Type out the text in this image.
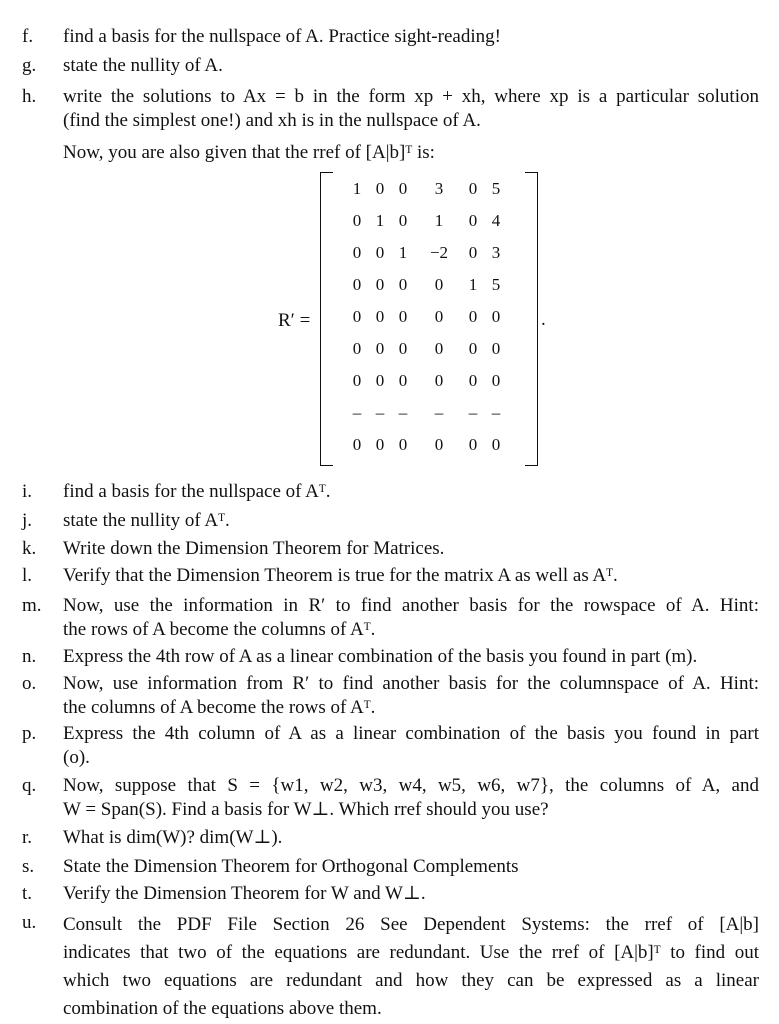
f. find a basis for the nullspace of A. Practice sight-reading!
g. state the nullity of A.
h. write the solutions to Ax = b in the form xp + xh, where xp is a particular solution
(find the simplest one!) and xh is in the nullspace of A.
Now, you are also given that the rref of [A|b]ᵀ is:
R′ =
1 0 0	3	0 5
0 1 0	1	0 4
0 0 1	−2	0 3
0 0 0	0	1 5
0 0 0	0	0 0
0 0 0	0	0 0
0 0 0	0	0 0
– – –	–	– –
0 0 0	0	0 0
.
i. find a basis for the nullspace of Aᵀ.
j. state the nullity of Aᵀ.
k. Write down the Dimension Theorem for Matrices.
l. Verify that the Dimension Theorem is true for the matrix A as well as Aᵀ.
m. Now, use the information in R′ to find another basis for the rowspace of A. Hint:
the rows of A become the columns of Aᵀ.
n. Express the 4th row of A as a linear combination of the basis you found in part (m).
o. Now, use information from R′ to find another basis for the columnspace of A. Hint:
the columns of A become the rows of Aᵀ.
p. Express the 4th column of A as a linear combination of the basis you found in part
(o).
q. Now, suppose that S = {w1, w2, w3, w4, w5, w6, w7}, the columns of A, and
W = Span(S). Find a basis for W⊥. Which rref should you use?
r. What is dim(W)? dim(W⊥).
s. State the Dimension Theorem for Orthogonal Complements
t. Verify the Dimension Theorem for W and W⊥.
u. Consult the PDF File Section 26 See Dependent Systems: the rref of [A|b]
indicates that two of the equations are redundant. Use the rref of [A|b]ᵀ to find out
which two equations are redundant and how they can be expressed as a linear
combination of the equations above them.
